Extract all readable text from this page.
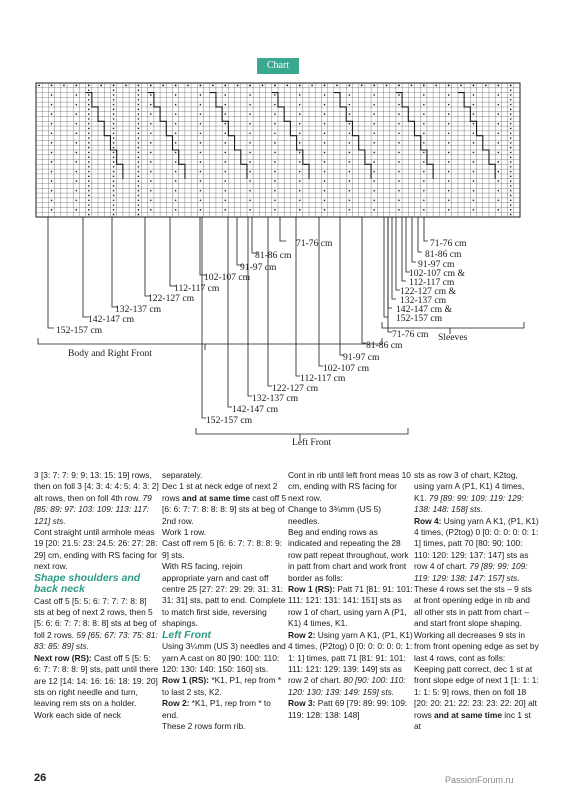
71-76 cm
81-86 cm
91-97 cm
102-107 cm
112-117 cm
122-127 cm
132-137 cm
142-147 cm
152-157 cm
Body and Right Front
71-76 cm
81-86 cm
91-97 cm
102-107 cm &
112-117 cm
122-127 cm &
132-137 cm
142-147 cm &
152-157 cm
Sleeves
71-76 cm
81-86 cm
91-97 cm
102-107 cm
112-117 cm
122-127 cm
132-137 cm
142-147 cm
152-157 cm
Left Front
Chart

3 [3: 7: 7: 9: 9: 13: 15: 19] rows, then on foll 3 [4: 3: 4: 4: 5: 4: 3: 2] alt rows, then on foll 4th row. 79 [85: 89: 97: 103: 109: 113: 117: 121] sts.

Cont straight until armhole meas 19 [20: 21.5: 23: 24.5: 26: 27: 28: 29] cm, ending with RS facing for next row.

Shape shoulders and back neck

Cast off 5 [5: 5: 6: 7: 7: 7: 8: 8] sts at beg of next 2 rows, then 5 [5: 6: 6: 7: 7: 8: 8: 8] sts at beg of foll 2 rows. 59 [65: 67: 73: 75: 81: 83: 85: 89] sts.

Next row (RS): Cast off 5 [5: 5: 6: 7: 7: 8: 8: 9] sts, patt until there are 12 [14: 14: 16: 16: 18: 19: 20] sts on right needle and turn, leaving rem sts on a holder.

Work each side of neck

separately.

Dec 1 st at neck edge of next 2 rows and at same time cast off 5 [6: 6: 7: 7: 8: 8: 8: 9] sts at beg of 2nd row.

Work 1 row.

Cast off rem 5 [6: 6: 7: 7: 8: 8: 9: 9] sts.

With RS facing, rejoin appropriate yarn and cast off centre 25 [27: 27: 29: 29: 31: 31: 31: 31] sts, patt to end. Complete to match first side, reversing shapings.

Left Front

Using 3¼mm (US 3) needles and yarn A cast on 80 [90: 100: 110: 120: 130: 140: 150: 160] sts.

Row 1 (RS): *K1, P1, rep from * to last 2 sts, K2.

Row 2: *K1, P1, rep from * to end.

These 2 rows form rib.

Cont in rib until left front meas 10 cm, ending with RS facing for next row.

Change to 3¾mm (US 5) needles.

Beg and ending rows as indicated and repeating the 28 row patt repeat throughout, work in patt from chart and work front border as folls:

Row 1 (RS): Patt 71 [81: 91: 101: 111: 121: 131: 141: 151] sts as row 1 of chart, using yarn A (P1, K1) 4 times, K1.

Row 2: Using yarn A K1, (P1, K1) 4 times, (P2tog) 0 [0: 0: 0: 0: 0: 1: 1: 1] times, patt 71 [81: 91: 101: 111: 121: 129: 139: 149] sts as row 2 of chart. 80 [90: 100: 110: 120: 130: 139: 149: 159] sts.

Row 3: Patt 69 [79: 89: 99: 109: 119: 128: 138: 148]

sts as row 3 of chart, K2tog, using yarn A (P1, K1) 4 times, K1. 79 [89: 99: 109: 119: 129: 138: 148: 158] sts.

Row 4: Using yarn A K1, (P1, K1) 4 times, (P2tog) 0 [0: 0: 0: 0: 0: 1: 1] times, patt 70 [80: 90: 100: 110: 120: 129: 137: 147] sts as row 4 of chart. 79 [89: 99: 109: 119: 129: 138: 147: 157] sts.

These 4 rows set the sts – 9 sts at front opening edge in rib and all other sts in patt from chart – and start front slope shaping.

Working all decreases 9 sts in from front opening edge as set by last 4 rows, cont as folls:

Keeping patt correct, dec 1 st at front slope edge of next 1 [1: 1: 1: 1: 1: 5: 9] rows, then on foll 18 [20: 20: 21: 22: 23: 23: 22: 20] alt rows and at same time inc 1 st at

26	PassionForum.ru
